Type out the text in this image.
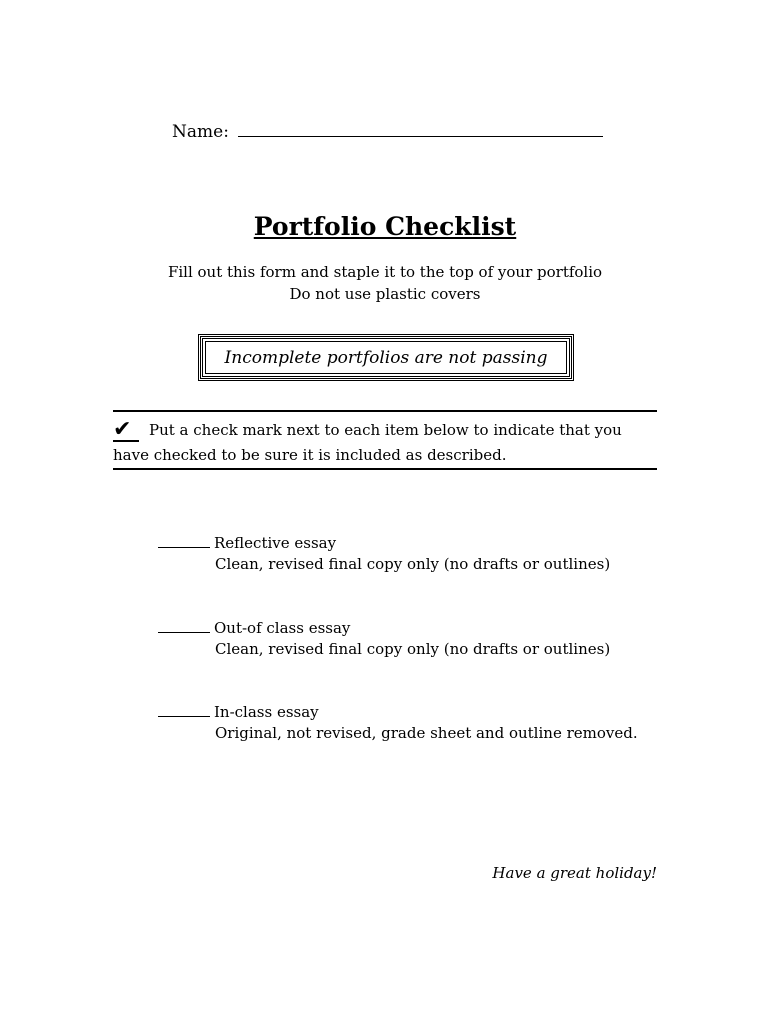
Name:
Portfolio Checklist
Fill out this form and staple it to the top of your portfolio
Do not use plastic covers
Incomplete portfolios are not passing
✔ Put a check mark next to each item below to indicate that you have checked to be sure it is included as described.
Reflective essay
Clean, revised final copy only (no drafts or outlines)
Out-of class essay
Clean, revised final copy only (no drafts or outlines)
In-class essay
Original, not revised, grade sheet and outline removed.
Have a great holiday!
